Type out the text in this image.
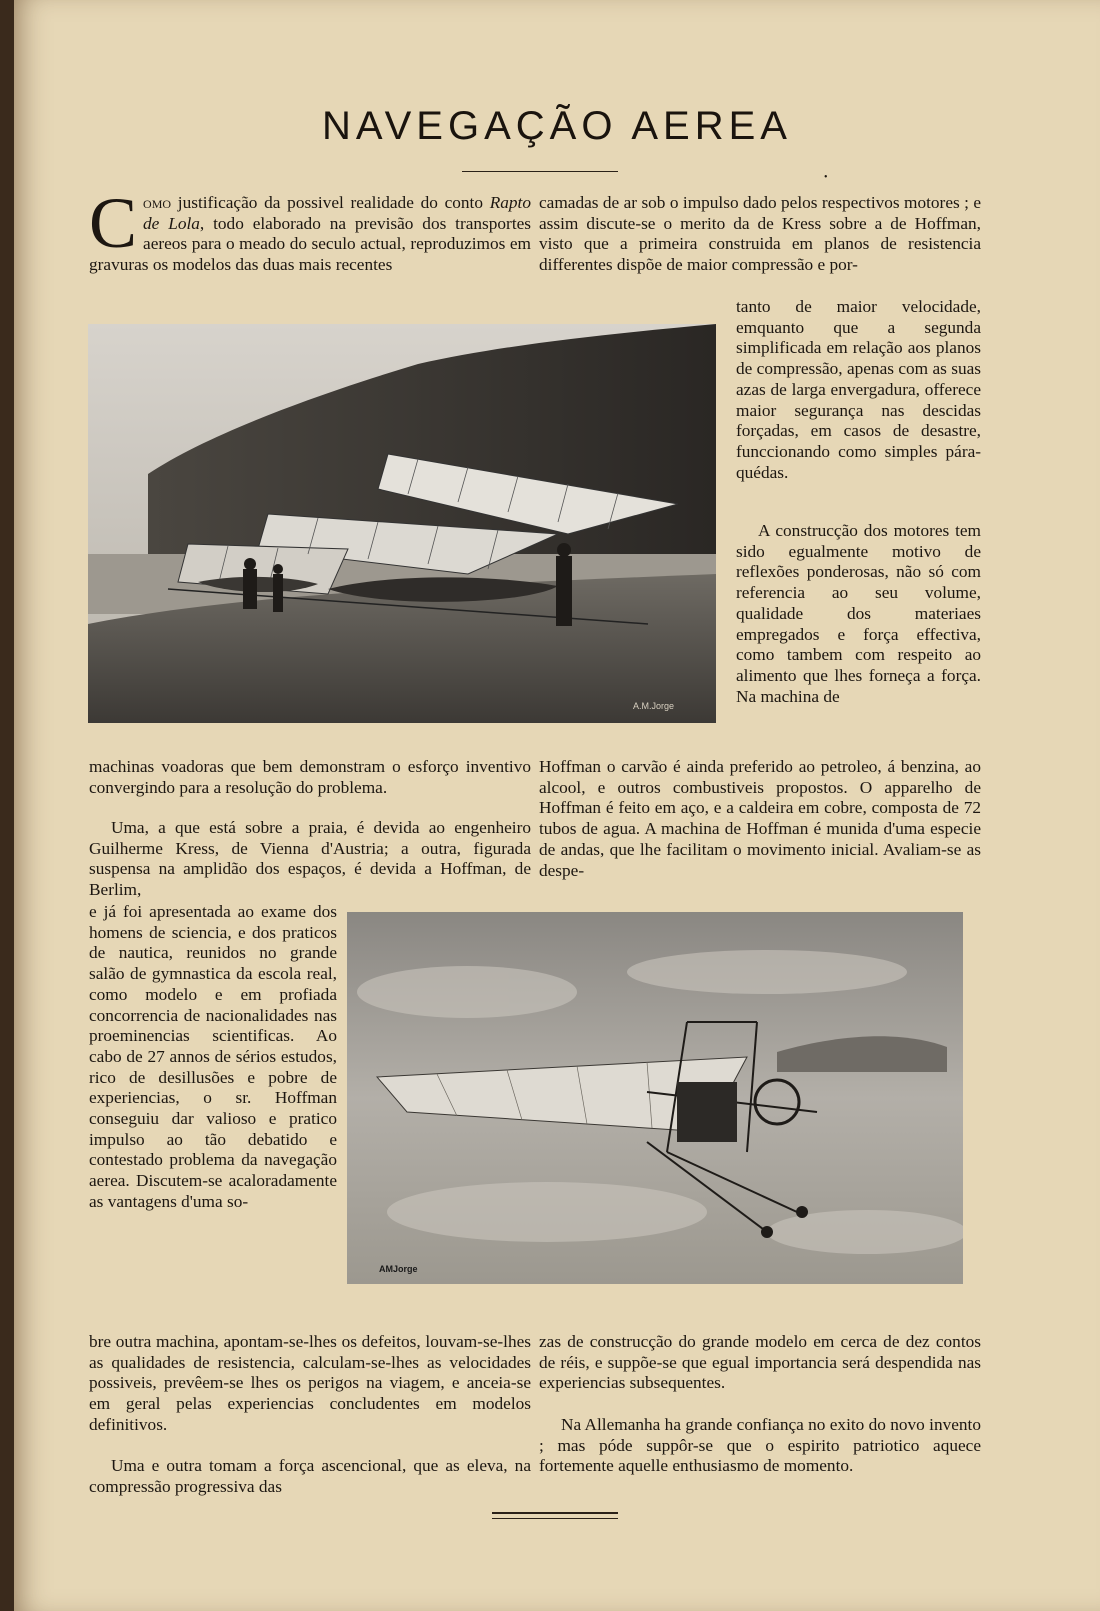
NAVEGAÇÃO AEREA
•

Como justificação da possivel realidade do conto Rapto de Lola, todo elaborado na previsão dos transportes aereos para o meado do seculo actual, reproduzimos em gravuras os modelos das duas mais recentes

camadas de ar sob o impulso dado pelos respectivos motores ; e assim discute-se o merito da de Kress sobre a de Hoffman, visto que a primeira construida em planos de resistencia differentes dispõe de maior compressão e por-

A.M.Jorge

tanto de maior velocidade, emquanto que a segunda simplificada em relação aos planos de compressão, apenas com as suas azas de larga envergadura, offerece maior segurança nas descidas forçadas, em casos de desastre, funccionando como simples pára-quédas.

A construcção dos motores tem sido egualmente motivo de reflexões ponderosas, não só com referencia ao seu volume, qualidade dos materiaes empregados e força effectiva, como tambem com respeito ao alimento que lhes forneça a força. Na machina de

machinas voadoras que bem demonstram o esforço inventivo convergindo para a resolução do problema.

Uma, a que está sobre a praia, é devida ao engenheiro Guilherme Kress, de Vienna d'Austria; a outra, figurada suspensa na amplidão dos espaços, é devida a Hoffman, de Berlim,

Hoffman o carvão é ainda preferido ao petroleo, á benzina, ao alcool, e outros combustiveis propostos. O apparelho de Hoffman é feito em aço, e a caldeira em cobre, composta de 72 tubos de agua. A machina de Hoffman é munida d'uma especie de andas, que lhe facilitam o movimento inicial. Avaliam-se as despe-

e já foi apresentada ao exame dos homens de sciencia, e dos praticos de nautica, reunidos no grande salão de gymnastica da escola real, como modelo e em profiada concorrencia de nacionalidades nas proeminencias scientificas. Ao cabo de 27 annos de sérios estudos, rico de desillusões e pobre de experiencias, o sr. Hoffman conseguiu dar valioso e pratico impulso ao tão debatido e contestado problema da navegação aerea. Discutem-se acaloradamente as vantagens d'uma so-

AMJorge

bre outra machina, apontam-se-lhes os defeitos, louvam-se-lhes as qualidades de resistencia, calculam-se-lhes as velocidades possiveis, prevêem-se lhes os perigos na viagem, e anceia-se em geral pelas experiencias concludentes em modelos definitivos.

Uma e outra tomam a força ascencional, que as eleva, na compressão progressiva das

zas de construcção do grande modelo em cerca de dez contos de réis, e suppõe-se que egual importancia será despendida nas experiencias subsequentes.

Na Allemanha ha grande confiança no exito do novo invento ; mas póde suppôr-se que o espirito patriotico aquece fortemente aquelle enthusiasmo de momento.
